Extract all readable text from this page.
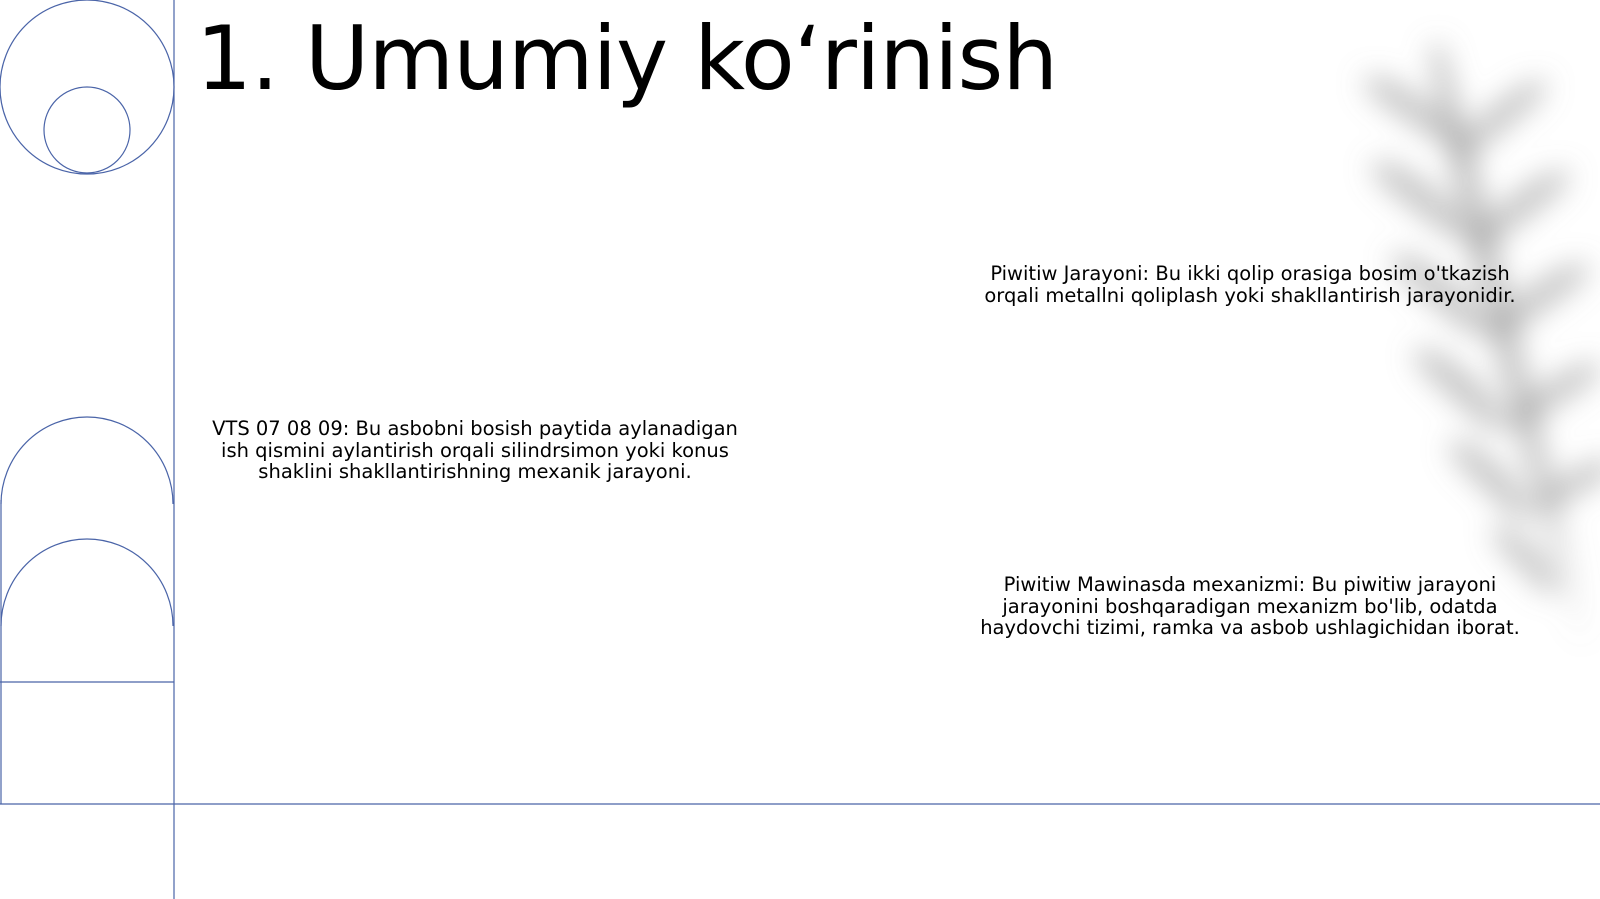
1. Umumiy ko‘rinish

VTS 07 08 09: Bu asbobni bosish paytida aylanadigan ish qismini aylantirish orqali silindrsimon yoki konus shaklini shakllantirishning mexanik jarayoni.

Piwitiw Jarayoni: Bu ikki qolip orasiga bosim o'tkazish orqali metallni qoliplash yoki shakllantirish jarayonidir.

Piwitiw Mawinasda mexanizmi: Bu piwitiw jarayoni jarayonini boshqaradigan mexanizm bo'lib, odatda haydovchi tizimi, ramka va asbob ushlagichidan iborat.
